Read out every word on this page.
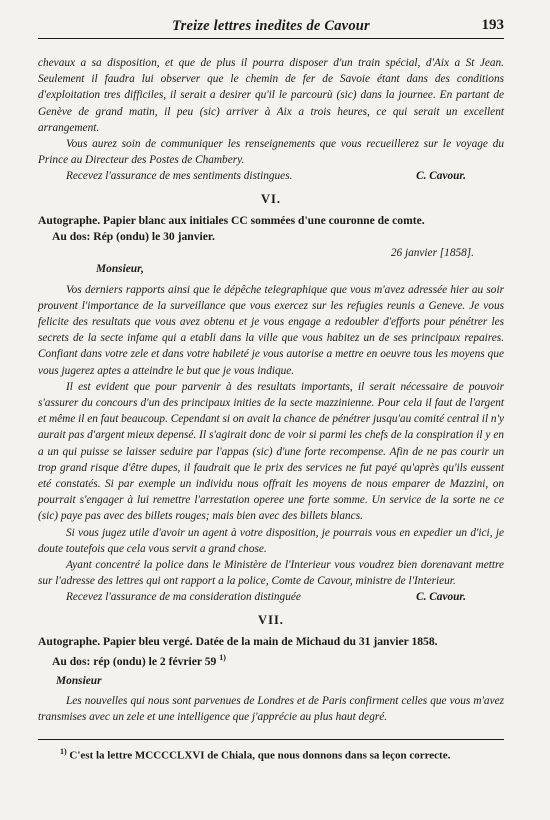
Treize lettres inedites de Cavour	193

chevaux a sa disposition, et que de plus il pourra disposer d'un train spécial, d'Aix a St Jean. Seulement il faudra lui observer que le chemin de fer de Savoie étant dans des conditions d'exploitation tres difficiles, il serait a desirer qu'il le parcourù (sic) dans la journee. En partant de Genève de grand matin, il peu (sic) arriver à Aix a trois heures, ce qui serait un excellent arrangement.

Vous aurez soin de communiquer les renseignements que vous recueillerez sur le voyage du Prince au Directeur des Postes de Chambery.

Recevez l'assurance de mes sentiments distingues.	C. Cavour.
VI.

Autographe. Papier blanc aux initiales CC sommées d'une couronne de comte.

Au dos: Rép (ondu) le 30 janvier.

26 janvier [1858].

Monsieur,

Vos derniers rapports ainsi que le dépêche telegraphique que vous m'avez adressée hier au soir prouvent l'importance de la surveillance que vous exercez sur les refugies reunis a Geneve. Je vous felicite des resultats que vous avez obtenu et je vous engage a redoubler d'efforts pour pénétrer les secrets de la secte infame qui a etabli dans la ville que vous habitez un de ses principaux repaires. Confiant dans votre zele et dans votre habileté je vous autorise a mettre en oeuvre tous les moyens que vous jugerez aptes a atteindre le but que je vous indique.

Il est evident que pour parvenir à des resultats importants, il serait nécessaire de pouvoir s'assurer du concours d'un des principaux inities de la secte mazzinienne. Pour cela il faut de l'argent et même il en faut beaucoup. Cependant si on avait la chance de pénétrer jusqu'au comité central il n'y aurait pas d'argent mieux depensé. Il s'agirait donc de voir si parmi les chefs de la conspiration il y en a un qui puisse se laisser seduire par l'appas (sic) d'une forte recompense. Afin de ne pas courir un trop grand risque d'être dupes, il faudrait que le prix des services ne fut payé qu'après qu'ils eussent eté constatés. Si par exemple un individu nous offrait les moyens de nous emparer de Mazzini, on pourrait s'engager à lui remettre l'arrestation operee une forte somme. Un service de la sorte ne ce (sic) paye pas avec des billets rouges; mais bien avec des billets blancs.

Si vous jugez utile d'avoir un agent à votre disposition, je pourrais vous en expedier un d'ici, je doute toutefois que cela vous servit a grand chose.

Ayant concentré la police dans le Ministère de l'Interieur vous voudrez bien dorenavant mettre sur l'adresse des lettres qui ont rapport a la police, Comte de Cavour, ministre de l'Interieur.

Recevez l'assurance de ma consideration distinguée	C. Cavour.
VII.

Autographe. Papier bleu vergé. Datée de la main de Michaud du 31 janvier 1858.

Au dos: rép (ondu) le 2 février 59 $^{1)}$

Monsieur

Les nouvelles qui nous sont parvenues de Londres et de Paris confirment celles que vous m'avez transmises avec un zele et une intelligence que j'apprécie au plus haut degré.

$^{1)}$ C'est la lettre MCCCCLXVI de Chiala, que nous donnons dans sa leçon correcte.
